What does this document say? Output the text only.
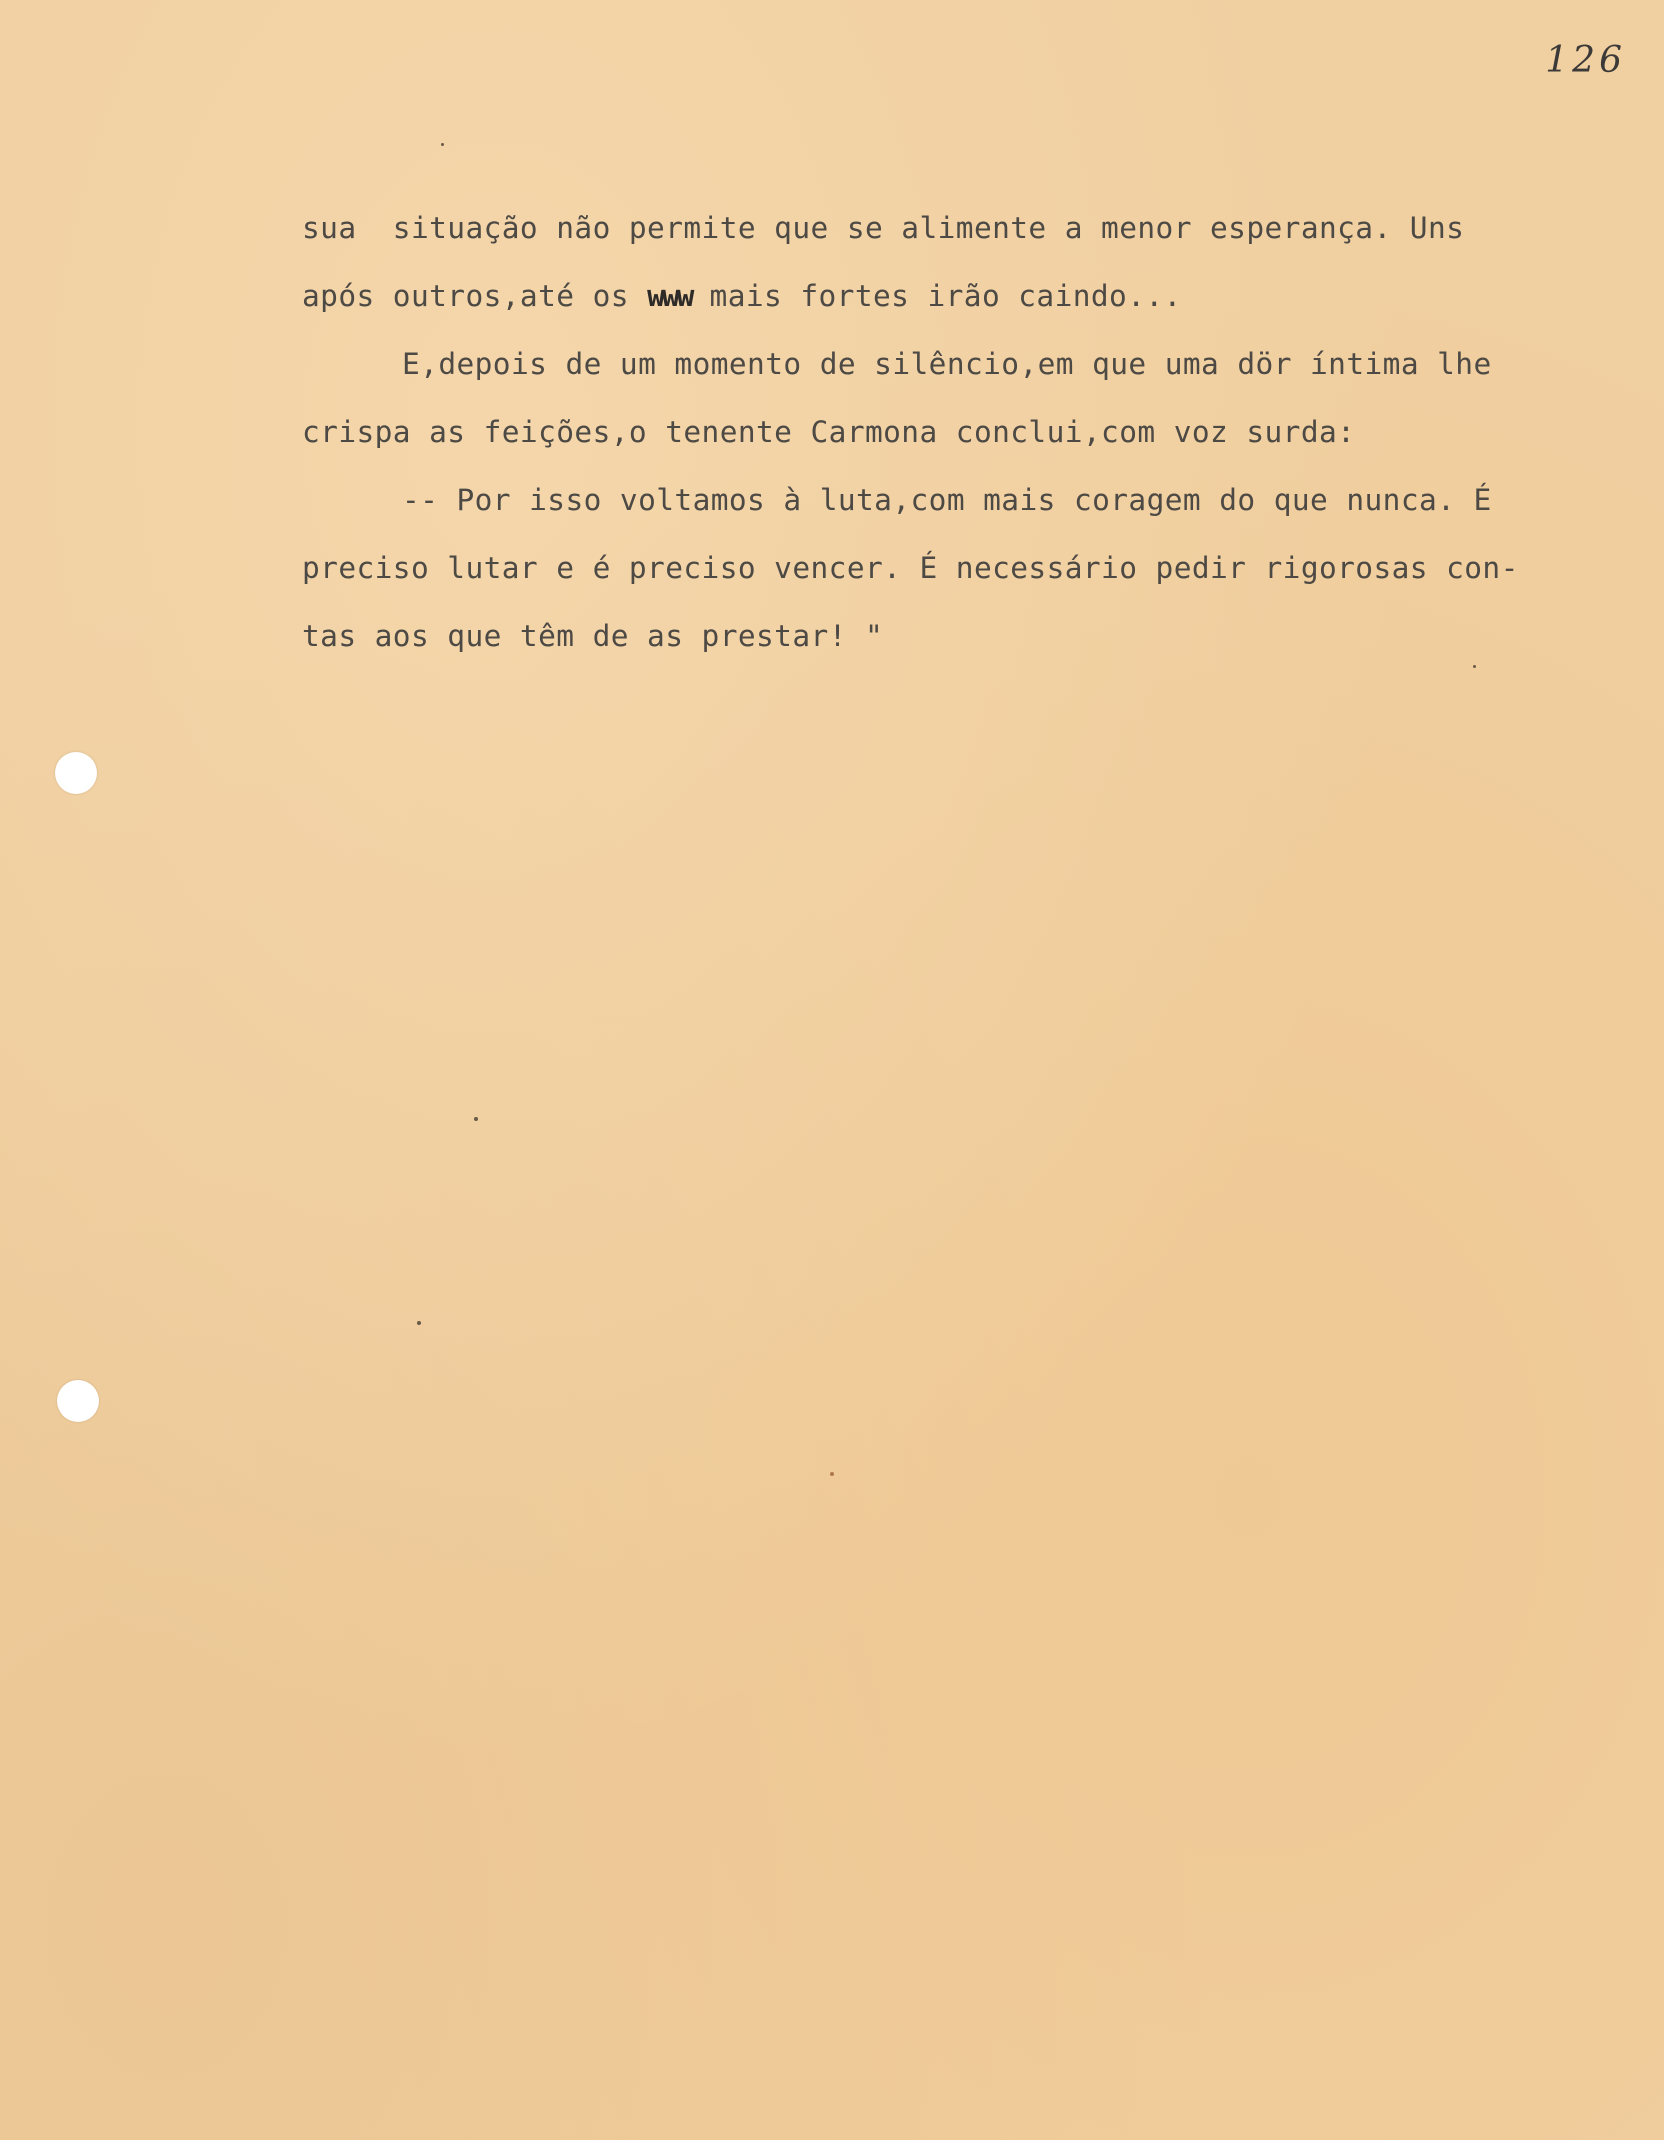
126
sua  situação não permite que se alimente a menor esperança. Uns
após outros,até os www mais fortes irão caindo...
E,depois de um momento de silêncio,em que uma dör íntima lhe
crispa as feições,o tenente Carmona conclui,com voz surda:
-- Por isso voltamos à luta,com mais coragem do que nunca. É
preciso lutar e é preciso vencer. É necessário pedir rigorosas con-
tas aos que têm de as prestar! "
